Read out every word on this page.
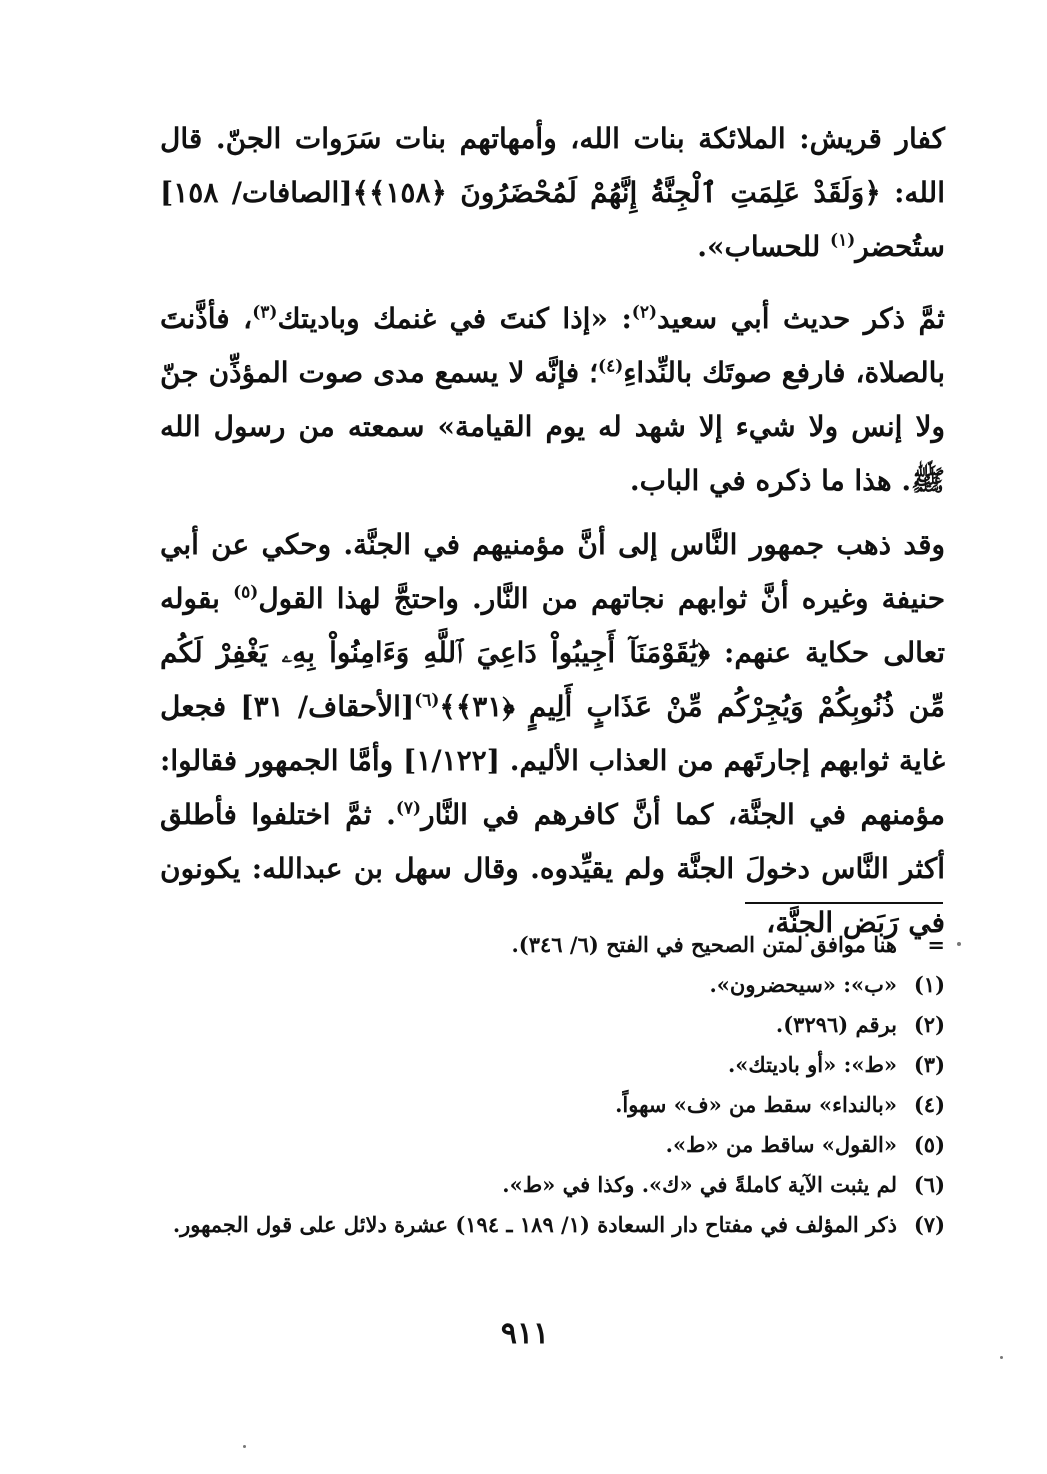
کفار قریش: الملائکة بنات الله، وأمهاتهم بنات سَرَوات الجنّ. قال الله: ﴿وَلَقَدْ عَلِمَتِ ٱلْجِنَّةُ إِنَّهُمْ لَمُحْضَرُونَ ﴿١٥٨﴾﴾[الصافات/ ١٥٨] ستُحضر$^{(١)}$ للحساب».
ثمَّ ذكر حديث أبي سعيد$^{(٢)}$: «إذا كنتَ في غنمك وباديتك$^{(٣)}$، فأذَّنتَ بالصلاة، فارفع صوتَك بالنِّداءِ$^{(٤)}$؛ فإنَّه لا يسمع مدى صوت المؤذِّن جنّ ولا إنس ولا شيء إلا شهد له يوم القيامة» سمعته من رسول الله ﷺ. هذا ما ذکره في الباب.
وقد ذهب جمهور النَّاس إلى أنَّ مؤمنيهم في الجنَّة. وحکي عن أبي حنيفة وغيره أنَّ ثوابهم نجاتهم من النَّار. واحتجَّ لهذا القول$^{(٥)}$ بقوله تعالى حكاية عنهم: ﴿يَٰقَوْمَنَآ أَجِيبُواْ دَاعِيَ ٱللَّهِ وَءَامِنُواْ بِهِۦ يَغْفِرْ لَكُم مِّن ذُنُوبِكُمْ وَيُجِرْكُم مِّنْ عَذَابٍ أَلِيمٍ ﴿٣١﴾﴾$^{(٦)}$[الأحقاف/ ٣١] فجعل غاية ثوابهم إجارتَهم من العذاب الأليم. [١/١٢٢] وأمَّا الجمهور فقالوا: مؤمنهم في الجنَّة، كما أنَّ كافرهم في النَّار$^{(٧)}$. ثمَّ اختلفوا فأطلق أكثر النَّاس دخولَ الجنَّة ولم يقيِّدوه. وقال سهل بن عبدالله: يکونون في رَبَض الجنَّة،
=
هنا موافق لمتن الصحيح في الفتح (٦/ ٣٤٦).
(١)
«ب»: «سيحضرون».
(٢)
برقم (٣٢٩٦).
(٣)
«ط»: «أو باديتك».
(٤)
«بالنداء» سقط من «ف» سهواً.
(٥)
«القول» ساقط من «ط».
(٦)
لم يثبت الآية كاملةً في «ك». وكذا في «ط».
(٧)
ذكر المؤلف في مفتاح دار السعادة (١/ ١٨٩ ـ ١٩٤) عشرة دلائل على قول الجمهور.
٩١١
